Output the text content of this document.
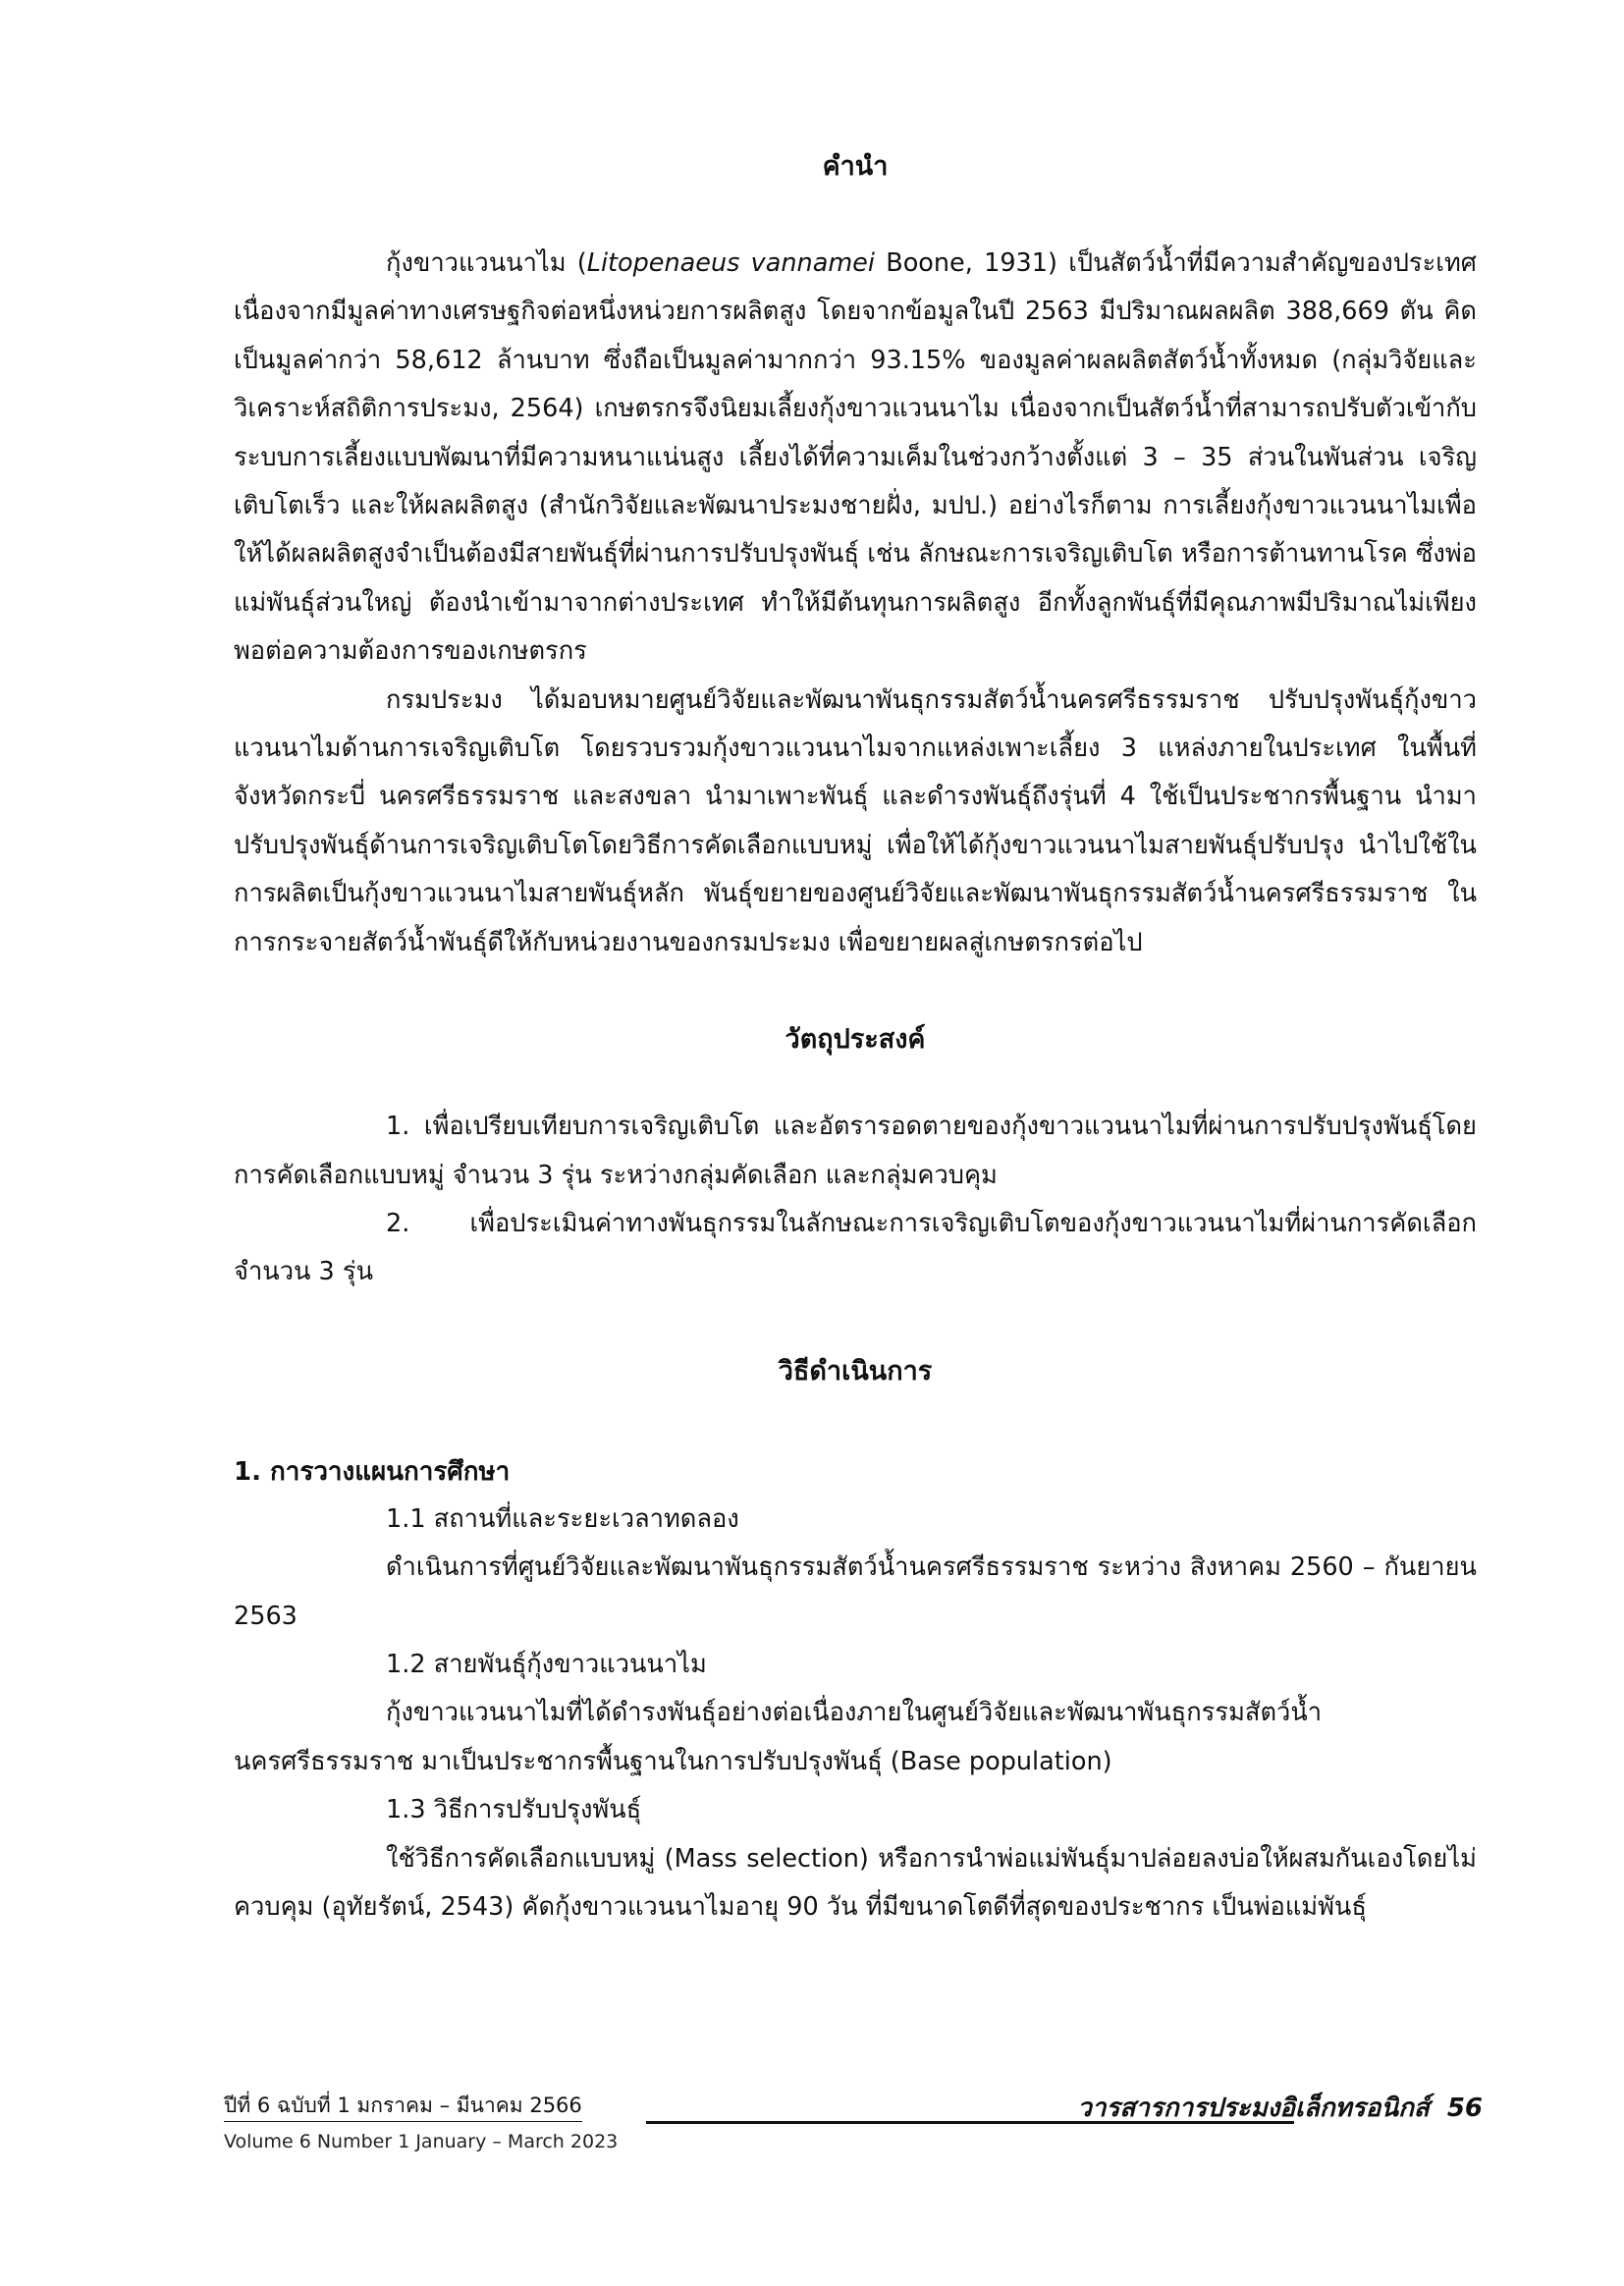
คำนำ

กุ้งขาวแวนนาไม (Litopenaeus vannamei Boone, 1931) เป็นสัตว์น้ำที่มีความสำคัญของประเทศ เนื่องจากมีมูลค่าทางเศรษฐกิจต่อหนึ่งหน่วยการผลิตสูง โดยจากข้อมูลในปี 2563 มีปริมาณผลผลิต 388,669 ตัน คิดเป็นมูลค่ากว่า 58,612 ล้านบาท ซึ่งถือเป็นมูลค่ามากกว่า 93.15% ของมูลค่าผลผลิตสัตว์น้ำทั้งหมด (กลุ่มวิจัยและวิเคราะห์สถิติการประมง, 2564) เกษตรกรจึงนิยมเลี้ยงกุ้งขาวแวนนาไม เนื่องจากเป็นสัตว์น้ำที่สามารถปรับตัวเข้ากับระบบการเลี้ยงแบบพัฒนาที่มีความหนาแน่นสูง เลี้ยงได้ที่ความเค็มในช่วงกว้างตั้งแต่ 3 – 35 ส่วนในพันส่วน เจริญเติบโตเร็ว และให้ผลผลิตสูง (สำนักวิจัยและพัฒนาประมงชายฝั่ง, มปป.) อย่างไรก็ตาม การเลี้ยงกุ้งขาวแวนนาไมเพื่อให้ได้ผลผลิตสูงจำเป็นต้องมีสายพันธุ์ที่ผ่านการปรับปรุงพันธุ์ เช่น ลักษณะการเจริญเติบโต หรือการต้านทานโรค ซึ่งพ่อแม่พันธุ์ส่วนใหญ่ ต้องนำเข้ามาจากต่างประเทศ ทำให้มีต้นทุนการผลิตสูง อีกทั้งลูกพันธุ์ที่มีคุณภาพมีปริมาณไม่เพียงพอต่อความต้องการของเกษตรกร

กรมประมง ได้มอบหมายศูนย์วิจัยและพัฒนาพันธุกรรมสัตว์น้ำนครศรีธรรมราช ปรับปรุงพันธุ์กุ้งขาวแวนนาไมด้านการเจริญเติบโต โดยรวบรวมกุ้งขาวแวนนาไมจากแหล่งเพาะเลี้ยง 3 แหล่งภายในประเทศ ในพื้นที่จังหวัดกระบี่ นครศรีธรรมราช และสงขลา นำมาเพาะพันธุ์ และดำรงพันธุ์ถึงรุ่นที่ 4 ใช้เป็นประชากรพื้นฐาน นำมาปรับปรุงพันธุ์ด้านการเจริญเติบโตโดยวิธีการคัดเลือกแบบหมู่ เพื่อให้ได้กุ้งขาวแวนนาไมสายพันธุ์ปรับปรุง นำไปใช้ในการผลิตเป็นกุ้งขาวแวนนาไมสายพันธุ์หลัก พันธุ์ขยายของศูนย์วิจัยและพัฒนาพันธุกรรมสัตว์น้ำนครศรีธรรมราช ในการกระจายสัตว์น้ำพันธุ์ดีให้กับหน่วยงานของกรมประมง เพื่อขยายผลสู่เกษตรกรต่อไป

วัตถุประสงค์

1. เพื่อเปรียบเทียบการเจริญเติบโต และอัตรารอดตายของกุ้งขาวแวนนาไมที่ผ่านการปรับปรุงพันธุ์โดยการคัดเลือกแบบหมู่ จำนวน 3 รุ่น ระหว่างกลุ่มคัดเลือก และกลุ่มควบคุม

2. เพื่อประเมินค่าทางพันธุกรรมในลักษณะการเจริญเติบโตของกุ้งขาวแวนนาไมที่ผ่านการคัดเลือกจำนวน 3 รุ่น

วิธีดำเนินการ
1. การวางแผนการศึกษา

1.1 สถานที่และระยะเวลาทดลอง

ดำเนินการที่ศูนย์วิจัยและพัฒนาพันธุกรรมสัตว์น้ำนครศรีธรรมราช ระหว่าง สิงหาคม 2560 – กันยายน 2563

1.2 สายพันธุ์กุ้งขาวแวนนาไม

กุ้งขาวแวนนาไมที่ได้ดำรงพันธุ์อย่างต่อเนื่องภายในศูนย์วิจัยและพัฒนาพันธุกรรมสัตว์น้ำนครศรีธรรมราช มาเป็นประชากรพื้นฐานในการปรับปรุงพันธุ์ (Base population)

1.3 วิธีการปรับปรุงพันธุ์

ใช้วิธีการคัดเลือกแบบหมู่ (Mass selection) หรือการนำพ่อแม่พันธุ์มาปล่อยลงบ่อให้ผสมกันเองโดยไม่ควบคุม (อุทัยรัตน์, 2543) คัดกุ้งขาวแวนนาไมอายุ 90 วัน ที่มีขนาดโตดีที่สุดของประชากร เป็นพ่อแม่พันธุ์

ปีที่ 6 ฉบับที่ 1 มกราคม – มีนาคม 2566	วารสารการประมงอิเล็กทรอนิกส์ 56
Volume 6 Number 1 January – March 2023
